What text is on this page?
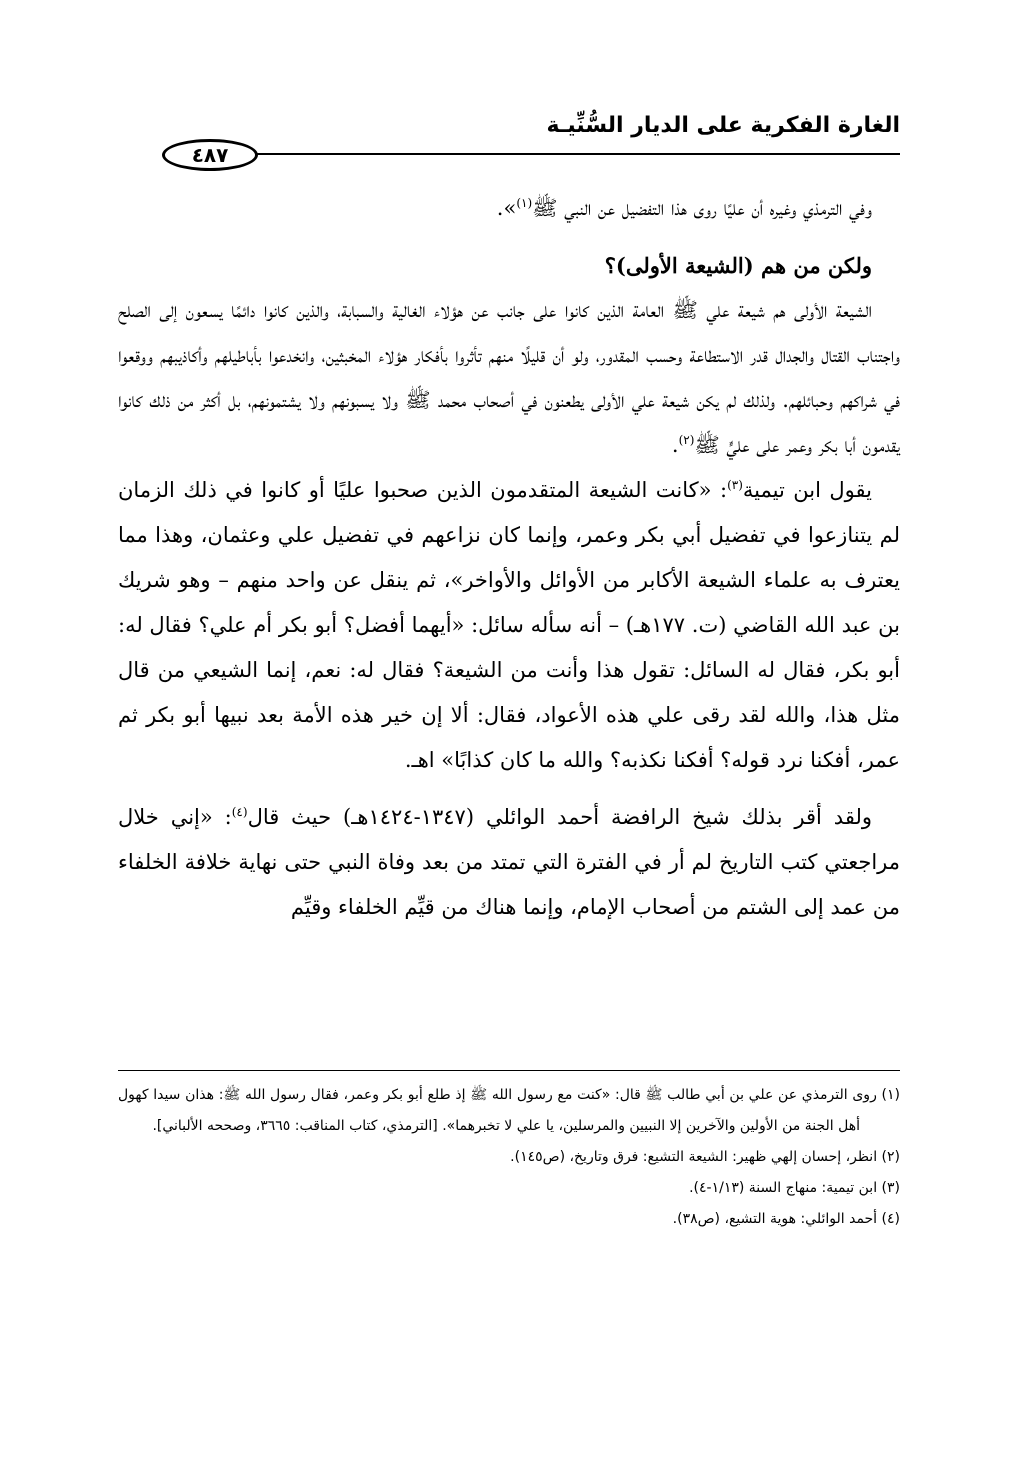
الغارة الفكرية على الديار السُّنِّيـة
٤٨٧

وفي الترمذي وغيره أن عليًا روى هذا التفضيل عن النبي ﷺ$^{(١)}$».

ولكن من هم (الشيعة الأولى)؟

الشيعة الأولى هم شيعة علي ﷺ العامة الذين كانوا على جانب عن هؤلاء الغالية والسبابة، والذين كانوا دائمًا يسعون إلى الصلح واجتناب القتال والجدال قدر الاستطاعة وحسب المقدور، ولو أن قليلًا منهم تأثروا بأفكار هؤلاء المخبثين، وانخدعوا بأباطيلهم وأكاذيبهم ووقعوا في شراكهم وحبائلهم. ولذلك لم يكن شيعة علي الأولى يطعنون في أصحاب محمد ﷺ ولا يسبونهم ولا يشتمونهم، بل أكثر من ذلك كانوا يقدمون أبا بكر وعمر على عليٍّ ﷺ$^{(٢)}$.

يقول ابن تيمية$^{(٣)}$: «كانت الشيعة المتقدمون الذين صحبوا عليًا أو كانوا في ذلك الزمان لم يتنازعوا في تفضيل أبي بكر وعمر، وإنما كان نزاعهم في تفضيل علي وعثمان، وهذا مما يعترف به علماء الشيعة الأكابر من الأوائل والأواخر»، ثم ينقل عن واحد منهم – وهو شريك بن عبد الله القاضي (ت. ١٧٧هـ) – أنه سأله سائل: «أيهما أفضل؟ أبو بكر أم علي؟ فقال له: أبو بكر، فقال له السائل: تقول هذا وأنت من الشيعة؟ فقال له: نعم، إنما الشيعي من قال مثل هذا، والله لقد رقى علي هذه الأعواد، فقال: ألا إن خير هذه الأمة بعد نبيها أبو بكر ثم عمر، أفكنا نرد قوله؟ أفكنا نكذبه؟ والله ما كان كذابًا» اهـ.

ولقد أقر بذلك شيخ الرافضة أحمد الوائلي (١٣٤٧-١٤٢٤هـ) حيث قال$^{(٤)}$: «إني خلال مراجعتي كتب التاريخ لم أر في الفترة التي تمتد من بعد وفاة النبي حتى نهاية خلافة الخلفاء من عمد إلى الشتم من أصحاب الإمام، وإنما هناك من قيِّم الخلفاء وقيِّم

(١) روى الترمذي عن علي بن أبي طالب ﷺ قال: «كنت مع رسول الله ﷺ إذ طلع أبو بكر وعمر، فقال رسول الله ﷺ: هذان سيدا كهول أهل الجنة من الأولين والآخرين إلا النبيين والمرسلين، يا علي لا تخبرهما». [الترمذي، كتاب المناقب: ٣٦٦٥، وصححه الألباني].

(٢) انظر، إحسان إلهي ظهير: الشيعة التشيع: فرق وتاريخ، (ص١٤٥).

(٣) ابن تيمية: منهاج السنة (١/١٣-٤).

(٤) أحمد الوائلي: هوية التشيع، (ص٣٨).
